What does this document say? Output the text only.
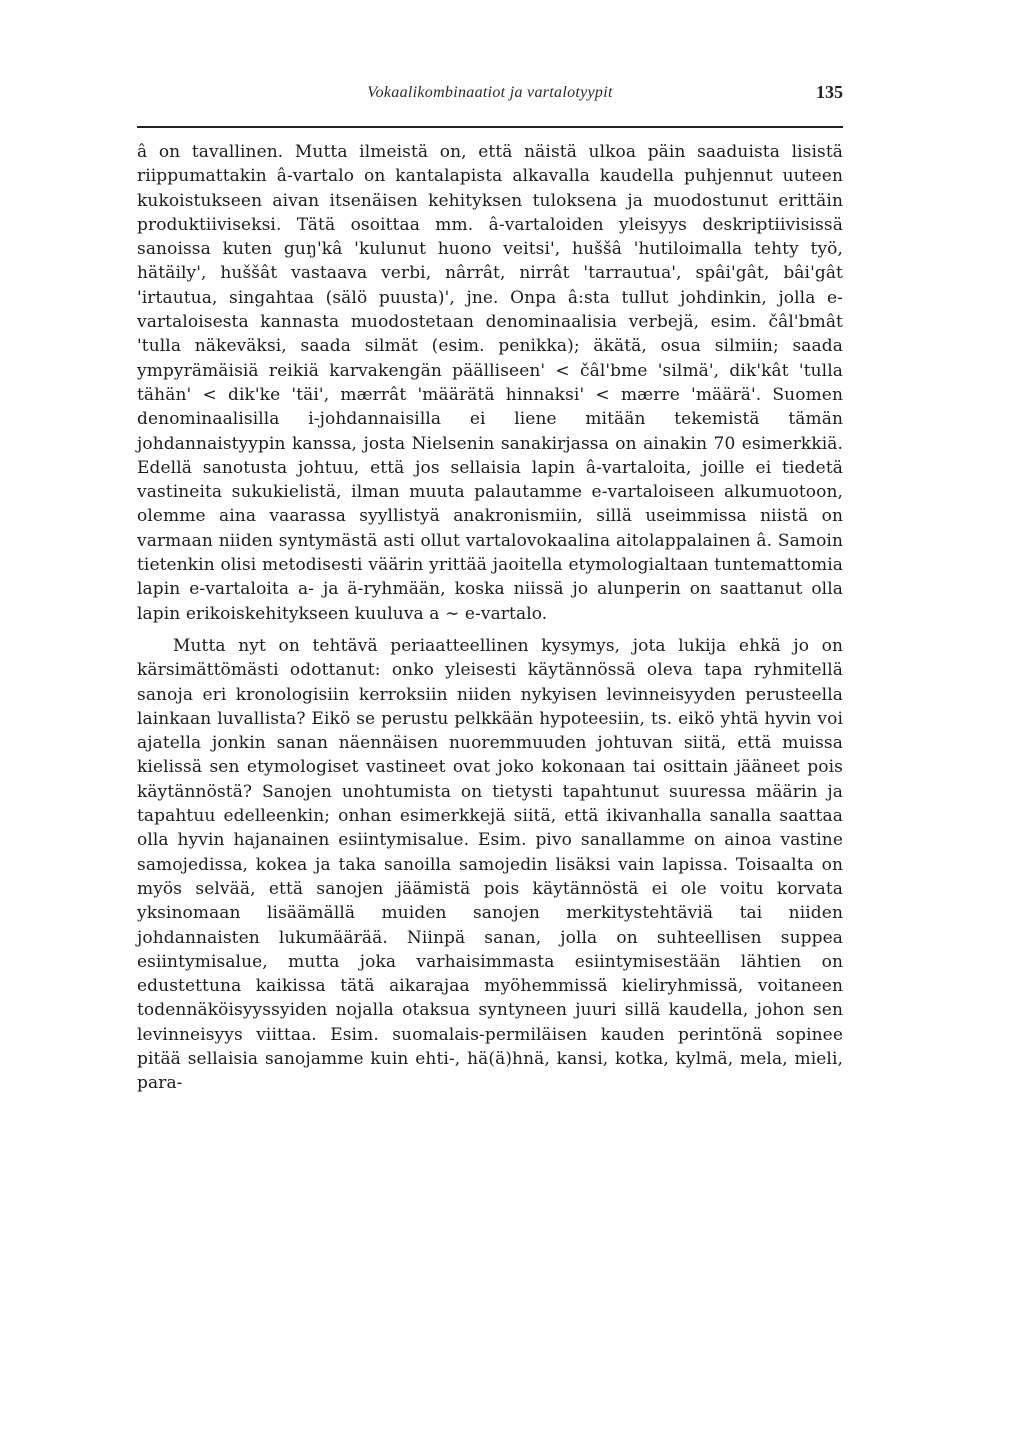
Vokaalikombinaatiot ja vartalotyypit	135

â on tavallinen. Mutta ilmeistä on, että näistä ulkoa päin saaduista lisistä riippumattakin â-vartalo on kantalapista alkavalla kaudella puhjennut uuteen kukoistukseen aivan itsenäisen kehityksen tuloksena ja muodostunut erittäin produktiiviseksi. Tätä osoittaa mm. â-vartaloiden yleisyys deskriptiivisissä sanoissa kuten guŋ'kâ 'kulunut huono veitsi', huššâ 'hutiloimalla tehty työ, hätäily', huššât vastaava verbi, nârrât, nirrât 'tarrautua', spâi'gât, bâi'gât 'irtautua, singahtaa (sälö puusta)', jne. Onpa â:sta tullut johdinkin, jolla e-vartaloisesta kannasta muodostetaan denominaalisia verbejä, esim. čâl'bmât 'tulla näkeväksi, saada silmät (esim. penikka); äkätä, osua silmiin; saada ympyrämäisiä reikiä karvakengän päälliseen' < čâl'bme 'silmä', dik'kât 'tulla tähän' < dik'ke 'täi', mærrât 'määrätä hinnaksi' < mærre 'määrä'. Suomen denominaalisilla i-johdannaisilla ei liene mitään tekemistä tämän johdannaistyypin kanssa, josta Nielsenin sanakirjassa on ainakin 70 esimerkkiä. Edellä sanotusta johtuu, että jos sellaisia lapin â-vartaloita, joille ei tiedetä vastineita sukukielistä, ilman muuta palautamme e-vartaloiseen alkumuotoon, olemme aina vaarassa syyllistyä anakronismiin, sillä useimmissa niistä on varmaan niiden syntymästä asti ollut vartalovokaalina aitolappalainen â. Samoin tietenkin olisi metodisesti väärin yrittää jaoitella etymologialtaan tuntemattomia lapin e-vartaloita a- ja ä-ryhmään, koska niissä jo alunperin on saattanut olla lapin erikoiskehitykseen kuuluva a ∼ e-vartalo.

Mutta nyt on tehtävä periaatteellinen kysymys, jota lukija ehkä jo on kärsimättömästi odottanut: onko yleisesti käytännössä oleva tapa ryhmitellä sanoja eri kronologisiin kerroksiin niiden nykyisen levinneisyyden perusteella lainkaan luvallista? Eikö se perustu pelkkään hypoteesiin, ts. eikö yhtä hyvin voi ajatella jonkin sanan näennäisen nuoremmuuden johtuvan siitä, että muissa kielissä sen etymologiset vastineet ovat joko kokonaan tai osittain jääneet pois käytännöstä? Sanojen unohtumista on tietysti tapahtunut suuressa määrin ja tapahtuu edelleenkin; onhan esimerkkejä siitä, että ikivanhalla sanalla saattaa olla hyvin hajanainen esiintymisalue. Esim. pivo sanallamme on ainoa vastine samojedissa, kokea ja taka sanoilla samojedin lisäksi vain lapissa. Toisaalta on myös selvää, että sanojen jäämistä pois käytännöstä ei ole voitu korvata yksinomaan lisäämällä muiden sanojen merkitystehtäviä tai niiden johdannaisten lukumäärää. Niinpä sanan, jolla on suhteellisen suppea esiintymisalue, mutta joka varhaisimmasta esiintymisestään lähtien on edustettuna kaikissa tätä aikarajaa myöhemmissä kieliryhmissä, voitaneen todennäköisyyssyiden nojalla otaksua syntyneen juuri sillä kaudella, johon sen levinneisyys viittaa. Esim. suomalais-permiläisen kauden perintönä sopinee pitää sellaisia sanojamme kuin ehti-, hä(ä)hnä, kansi, kotka, kylmä, mela, mieli, para-
